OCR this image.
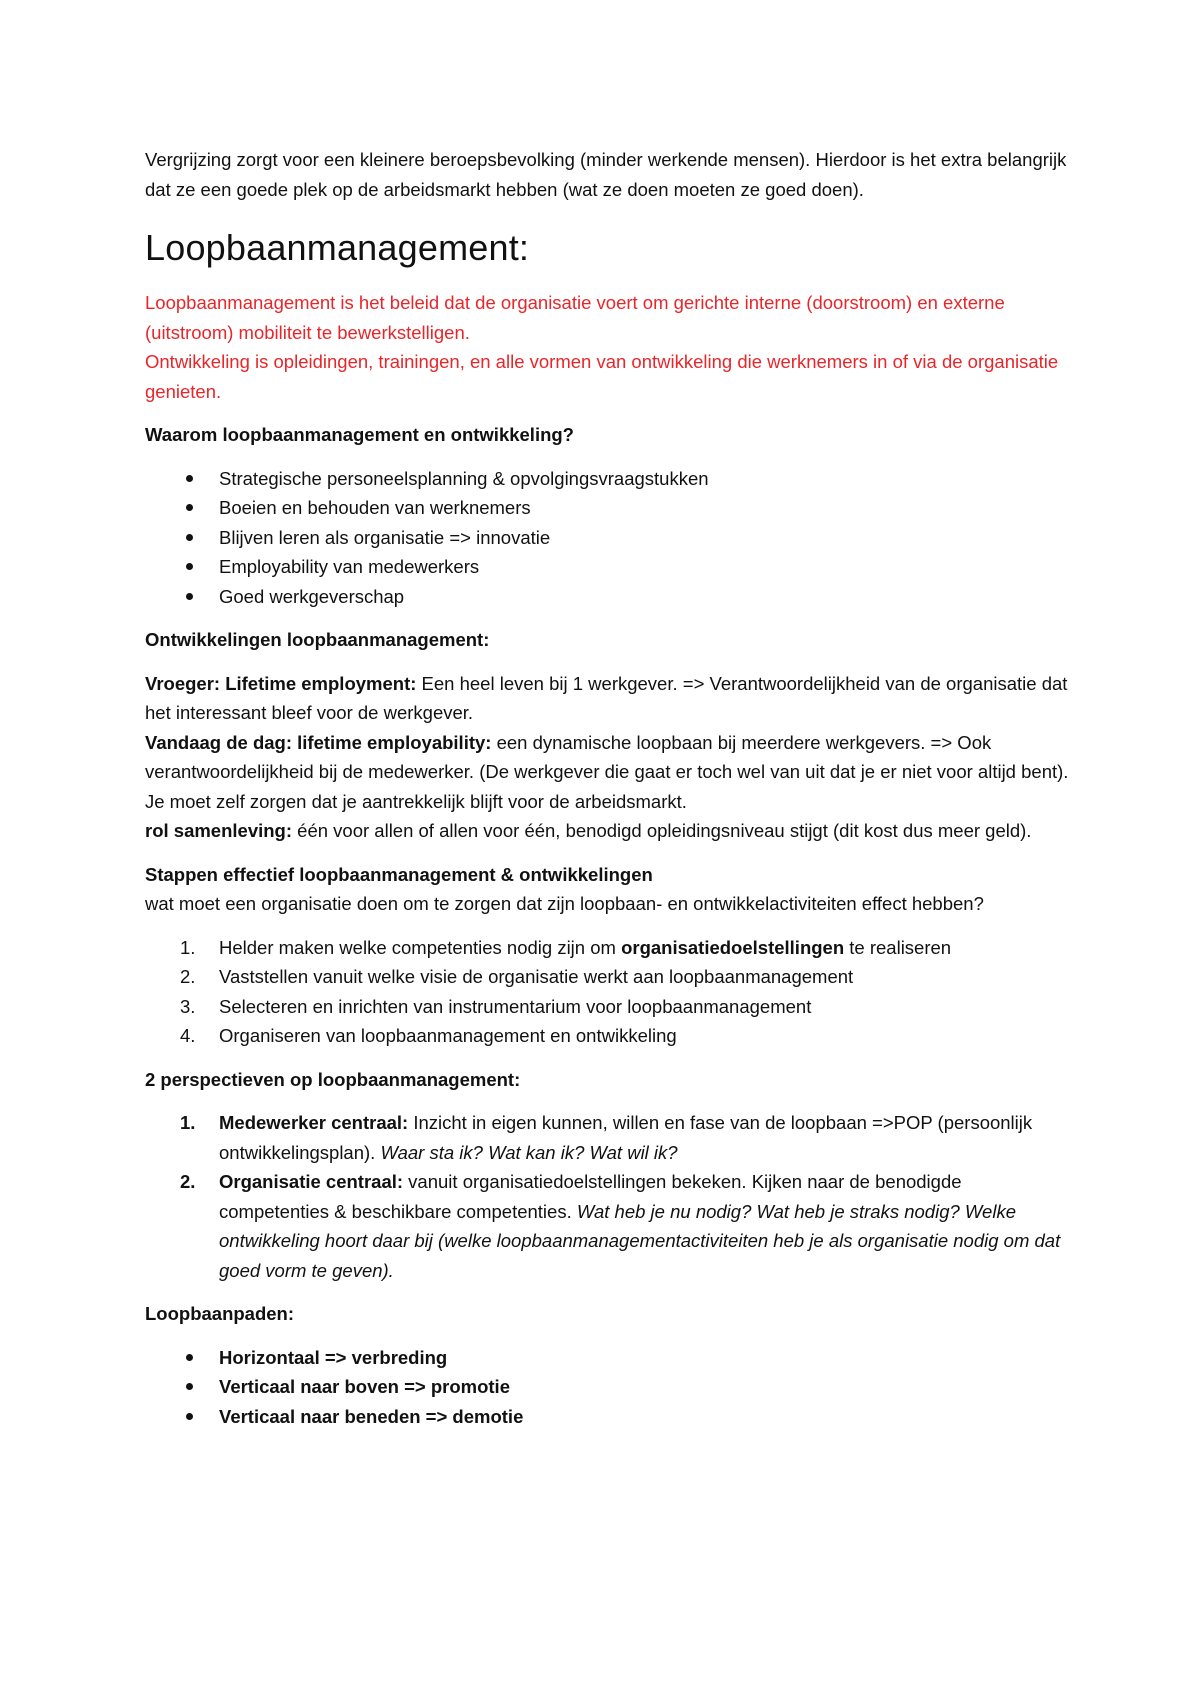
Vergrijzing zorgt voor een kleinere beroepsbevolking (minder werkende mensen). Hierdoor is het extra belangrijk dat ze een goede plek op de arbeidsmarkt hebben (wat ze doen moeten ze goed doen).

Loopbaanmanagement:

Loopbaanmanagement is het beleid dat de organisatie voert om gerichte interne (doorstroom) en externe (uitstroom) mobiliteit te bewerkstelligen.

Ontwikkeling is opleidingen, trainingen, en alle vormen van ontwikkeling die werknemers in of via de organisatie genieten.

Waarom loopbaanmanagement en ontwikkeling?

Strategische personeelsplanning & opvolgingsvraagstukken
Boeien en behouden van werknemers
Blijven leren als organisatie => innovatie
Employability van medewerkers
Goed werkgeverschap

Ontwikkelingen loopbaanmanagement:

Vroeger: Lifetime employment: Een heel leven bij 1 werkgever. => Verantwoordelijkheid van de organisatie dat het interessant bleef voor de werkgever.

Vandaag de dag: lifetime employability: een dynamische loopbaan bij meerdere werkgevers. => Ook verantwoordelijkheid bij de medewerker. (De werkgever die gaat er toch wel van uit dat je er niet voor altijd bent). Je moet zelf zorgen dat je aantrekkelijk blijft voor de arbeidsmarkt.

rol samenleving: één voor allen of allen voor één, benodigd opleidingsniveau stijgt (dit kost dus meer geld).

Stappen effectief loopbaanmanagement & ontwikkelingen

wat moet een organisatie doen om te zorgen dat zijn loopbaan- en ontwikkelactiviteiten effect hebben?

1. Helder maken welke competenties nodig zijn om organisatiedoelstellingen te realiseren
2. Vaststellen vanuit welke visie de organisatie werkt aan loopbaanmanagement
3. Selecteren en inrichten van instrumentarium voor loopbaanmanagement
4. Organiseren van loopbaanmanagement en ontwikkeling

2 perspectieven op loopbaanmanagement:

1. Medewerker centraal: Inzicht in eigen kunnen, willen en fase van de loopbaan =>POP (persoonlijk ontwikkelingsplan). Waar sta ik? Wat kan ik? Wat wil ik?
2. Organisatie centraal: vanuit organisatiedoelstellingen bekeken. Kijken naar de benodigde competenties & beschikbare competenties. Wat heb je nu nodig? Wat heb je straks nodig? Welke ontwikkeling hoort daar bij (welke loopbaanmanagementactiviteiten heb je als organisatie nodig om dat goed vorm te geven).

Loopbaanpaden:

Horizontaal => verbreding
Verticaal naar boven => promotie
Verticaal naar beneden => demotie
